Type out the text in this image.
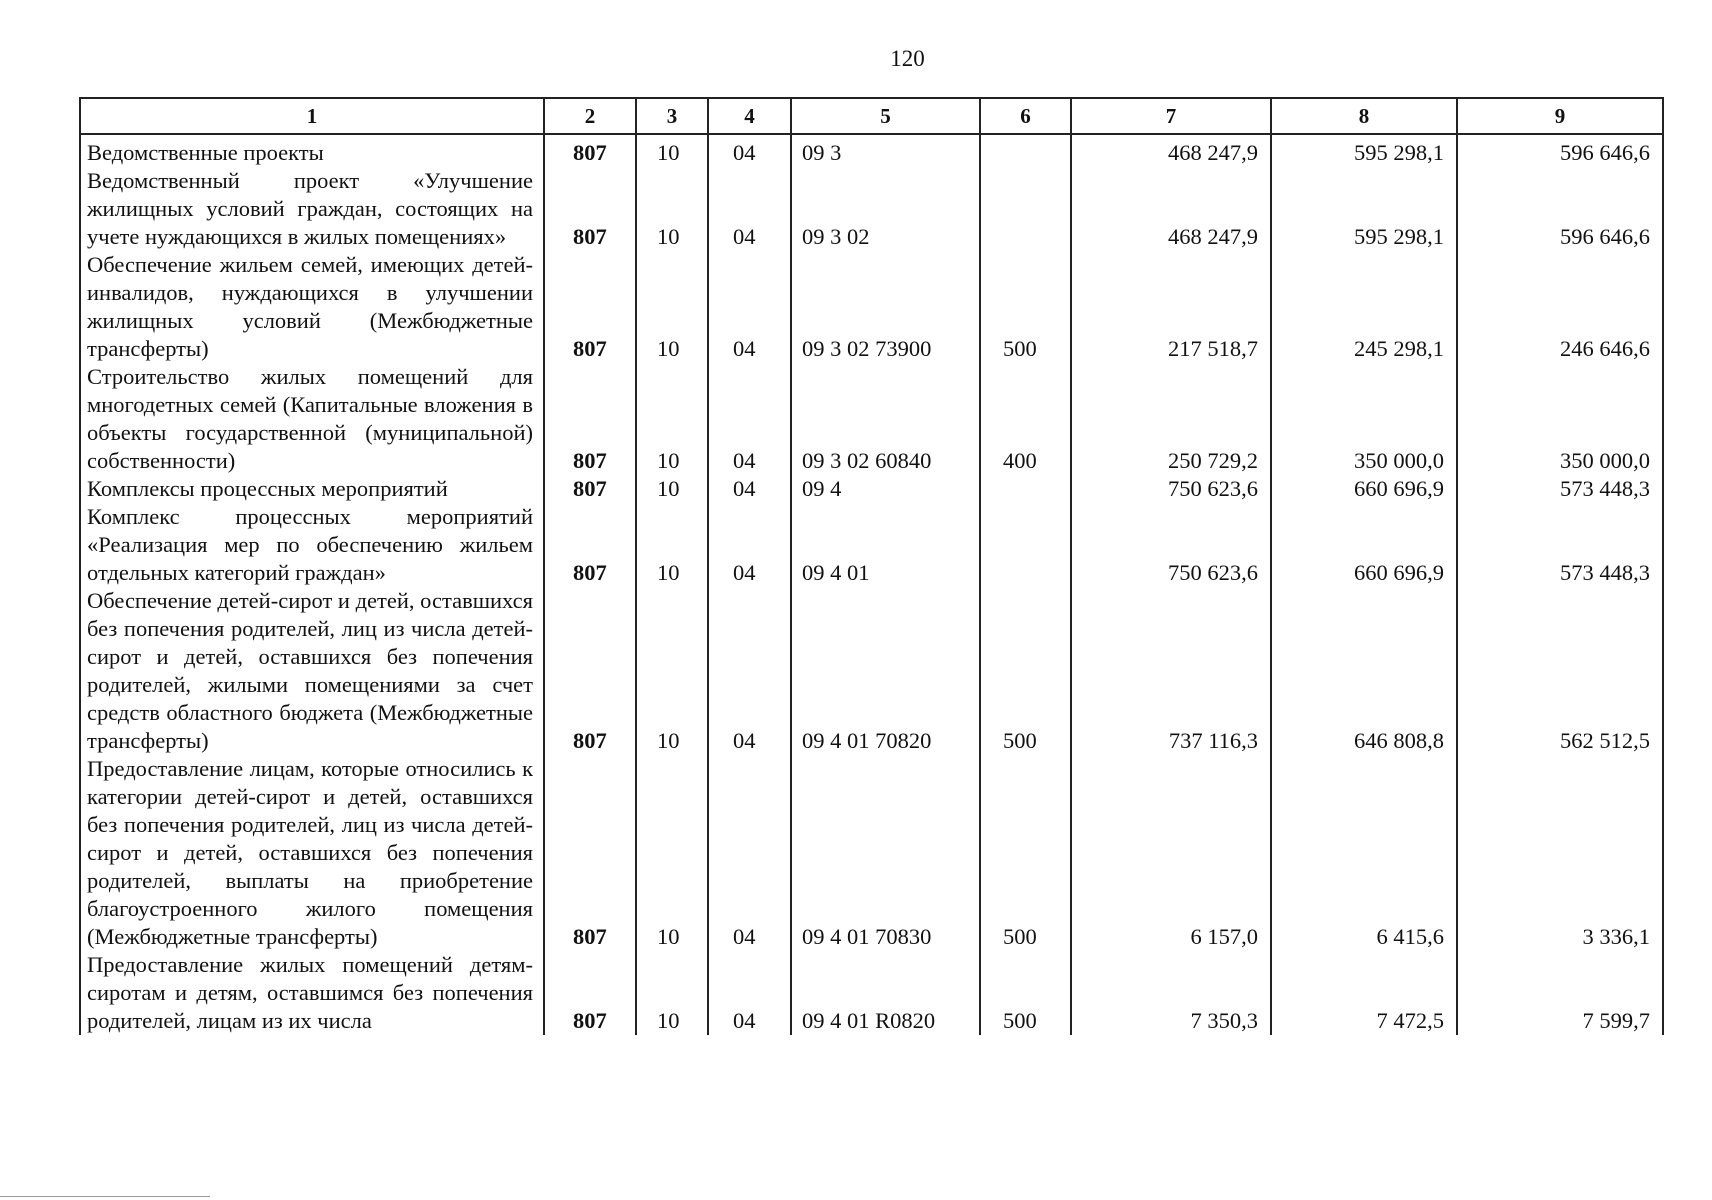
120
1	2	3	4	5	6	7	8	9
Ведомственные проекты	807	10	04	09 3		468 247,9	595 298,1	596 646,6
Ведомственный проект «Улучшение жилищных условий граждан, состоящих на учете нуждающихся в жилых помещениях»	807	10	04	09 3 02		468 247,9	595 298,1	596 646,6
Обеспечение жильем семей, имеющих детей-инвалидов, нуждающихся в улучшении жилищных условий (Межбюджетные трансферты)	807	10	04	09 3 02 73900	500	217 518,7	245 298,1	246 646,6
Строительство жилых помещений для многодетных семей (Капитальные вложения в объекты государственной (муниципальной) собственности)	807	10	04	09 3 02 60840	400	250 729,2	350 000,0	350 000,0
Комплексы процессных мероприятий	807	10	04	09 4		750 623,6	660 696,9	573 448,3
Комплекс процессных мероприятий «Реализация мер по обеспечению жильем отдельных категорий граждан»	807	10	04	09 4 01		750 623,6	660 696,9	573 448,3
Обеспечение детей-сирот и детей, оставшихся без попечения родителей, лиц из числа детей-сирот и детей, оставшихся без попечения родителей, жилыми помещениями за счет средств областного бюджета (Межбюджетные трансферты)	807	10	04	09 4 01 70820	500	737 116,3	646 808,8	562 512,5
Предоставление лицам, которые относились к категории детей-сирот и детей, оставшихся без попечения родителей, лиц из числа детей-сирот и детей, оставшихся без попечения родителей, выплаты на приобретение благоустроенного жилого помещения (Межбюджетные трансферты)	807	10	04	09 4 01 70830	500	6 157,0	6 415,6	3 336,1
Предоставление жилых помещений детям-сиротам и детям, оставшимся без попечения родителей, лицам из их числа	807	10	04	09 4 01 R0820	500	7 350,3	7 472,5	7 599,7
